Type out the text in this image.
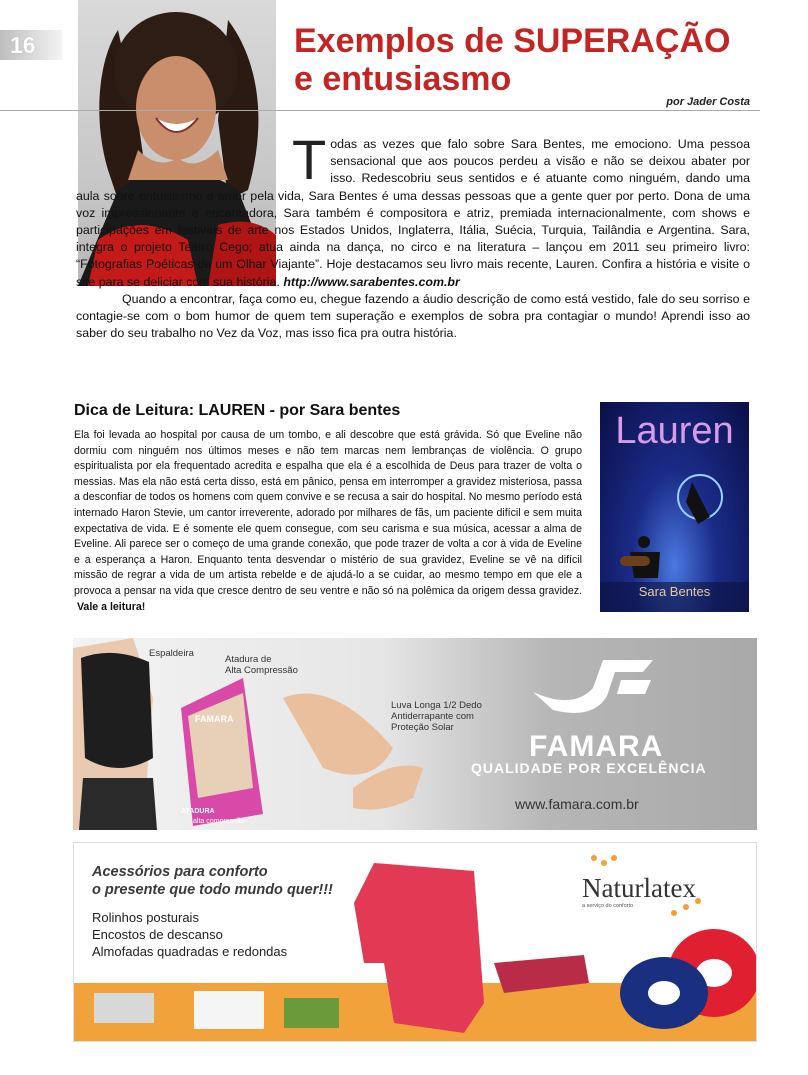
16	Exemplos de SUPERAÇÃO
e entusiasmo
por Jader Costa

Todas as vezes que falo sobre Sara Bentes, me emociono. Uma pessoa sensacional que aos poucos perdeu a visão e não se deixou abater por isso. Redescobriu seus sentidos e é atuante como ninguém, dando uma aula sobre entusiasmo e amor pela vida, Sara Bentes é uma dessas pessoas que a gente quer por perto. Dona de uma voz impressionante e encantadora, Sara também é compositora e atriz, premiada internacionalmente, com shows e participações em festivais de arte nos Estados Unidos, Inglaterra, Itália, Suécia, Turquia, Tailândia e Argentina. Sara, integra o projeto Teatro Cego; atua ainda na dança, no circo e na literatura – lançou em 2011 seu primeiro livro: “Fotografias Poéticas de um Olhar Viajante”. Hoje destacamos seu livro mais recente, Lauren. Confira a história e visite o site para se deliciar com sua história. http://www.sarabentes.com.br

Quando a encontrar, faça como eu, chegue fazendo a áudio descrição de como está vestido, fale do seu sorriso e contagie-se com o bom humor de quem tem superação e exemplos de sobra pra contagiar o mundo! Aprendi isso ao saber do seu trabalho no Vez da Voz, mas isso fica pra outra história.

Dica de Leitura: LAUREN - por Sara bentes

Ela foi levada ao hospital por causa de um tombo, e ali descobre que está grávida. Só que Eveline não dormiu com ninguém nos últimos meses e não tem marcas nem lembranças de violência. O grupo espiritualista por ela frequentado acredita e espalha que ela é a escolhida de Deus para trazer de volta o messias. Mas ela não está certa disso, está em pânico, pensa em interromper a gravidez misteriosa, passa a desconfiar de todos os homens com quem convive e se recusa a sair do hospital. No mesmo período está internado Haron Stevie, um cantor irreverente, adorado por milhares de fãs, um paciente difícil e sem muita expectativa de vida. E é somente ele quem consegue, com seu carisma e sua música, acessar a alma de Eveline. Ali parece ser o começo de uma grande conexão, que pode trazer de volta a cor à vida de Eveline e a esperança a Haron. Enquanto tenta desvendar o mistério de sua gravidez, Eveline se vê na difícil missão de regrar a vida de um artista rebelde e de ajudá-lo a se cuidar, ao mesmo tempo em que ele a provoca a pensar na vida que cresce dentro de seu ventre e não só na polêmica da origem dessa gravidez.  Vale a leitura!

Lauren
Sara Bentes
Espaldeira
Atadura de
Alta Compressão
Luva Longa 1/2 Dedo
Antiderrapante com
Proteção Solar
FAMARA
ATADURA
alta compressão
FAMARA
QUALIDADE POR EXCELÊNCIA
www.famara.com.br
Acessórios para conforto
o presente que todo mundo quer!!!
Rolinhos posturais
Encostos de descanso
Almofadas quadradas e redondas
Naturlatex
a serviço do conforto
